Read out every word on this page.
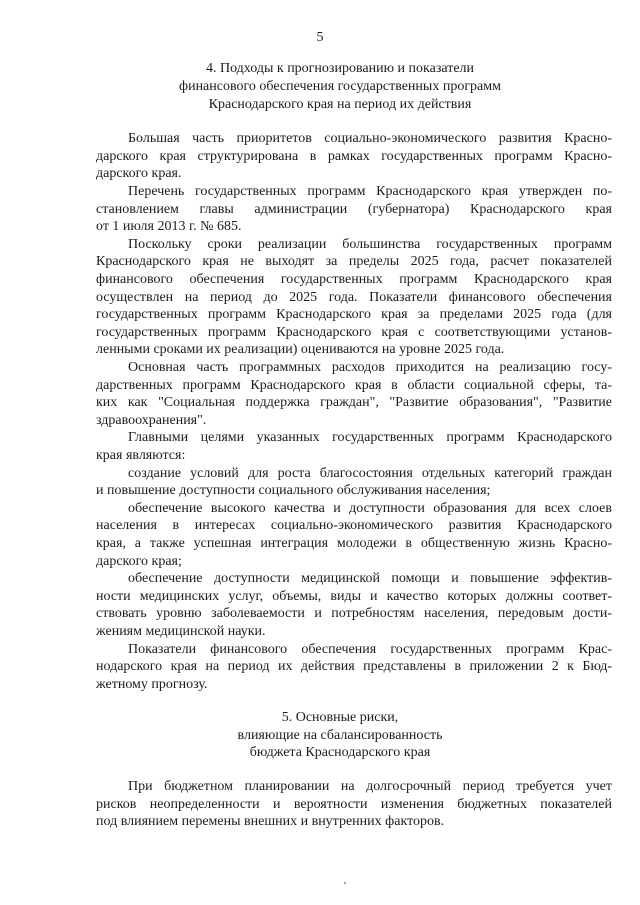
5
4. Подходы к прогнозированию и показатели
финансового обеспечения государственных программ
Краснодарского края на период их действия
Большая часть приоритетов социально-экономического развития Красно-
дарского края структурирована в рамках государственных программ Красно-
дарского края.
Перечень государственных программ Краснодарского края утвержден по-
становлением главы администрации (губернатора) Краснодарского края
от 1 июля 2013 г. № 685.
Поскольку сроки реализации большинства государственных программ
Краснодарского края не выходят за пределы 2025 года, расчет показателей
финансового обеспечения государственных программ Краснодарского края
осуществлен на период до 2025 года. Показатели финансового обеспечения
государственных программ Краснодарского края за пределами 2025 года (для
государственных программ Краснодарского края с соответствующими установ-
ленными сроками их реализации) оцениваются на уровне 2025 года.
Основная часть программных расходов приходится на реализацию госу-
дарственных программ Краснодарского края в области социальной сферы, та-
ких как "Социальная поддержка граждан", "Развитие образования", "Развитие
здравоохранения".
Главными целями указанных государственных программ Краснодарского
края являются:
создание условий для роста благосостояния отдельных категорий граждан
и повышение доступности социального обслуживания населения;
обеспечение высокого качества и доступности образования для всех слоев
населения в интересах социально-экономического развития Краснодарского
края, а также успешная интеграция молодежи в общественную жизнь Красно-
дарского края;
обеспечение доступности медицинской помощи и повышение эффектив-
ности медицинских услуг, объемы, виды и качество которых должны соответ-
ствовать уровню заболеваемости и потребностям населения, передовым дости-
жениям медицинской науки.
Показатели финансового обеспечения государственных программ Крас-
нодарского края на период их действия представлены в приложении 2 к Бюд-
жетному прогнозу.
5. Основные риски,
влияющие на сбалансированность
бюджета Краснодарского края
При бюджетном планировании на долгосрочный период требуется учет
рисков неопределенности и вероятности изменения бюджетных показателей
под влиянием перемены внешних и внутренних факторов.
